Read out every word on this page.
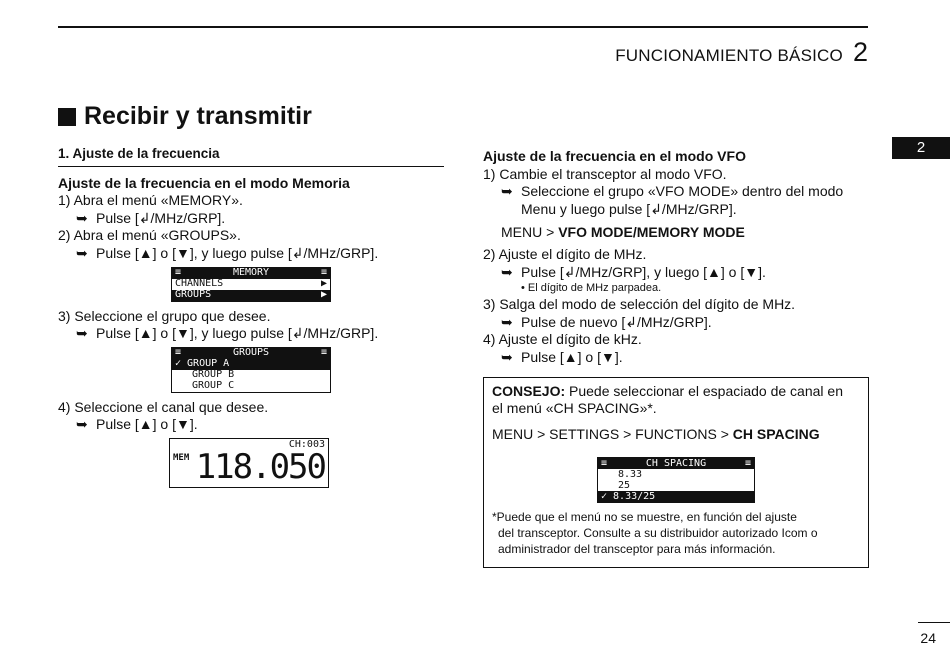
FUNCIONAMIENTO BÁSICO 2
2
Recibir y transmitir
1. Ajuste de la frecuencia
Ajuste de la frecuencia en el modo Memoria
1) Abra el menú «MEMORY».
➥ Pulse [↲/MHz/GRP].
2) Abra el menú «GROUPS».
➥ Pulse [▲] o [▼], y luego pulse [↲/MHz/GRP].
≡	MEMORY	≡
CHANNELS	▶
GROUPS	▶
3) Seleccione el grupo que desee.
➥ Pulse [▲] o [▼], y luego pulse [↲/MHz/GRP].
≡	GROUPS	≡
✓ GROUP A
GROUP B
GROUP C
4) Seleccione el canal que desee.
➥ Pulse [▲] o [▼].
CH:003
MEM 118.050
Ajuste de la frecuencia en el modo VFO
1) Cambie el transceptor al modo VFO.
➥ Seleccione el grupo «VFO MODE» dentro del modo
Menu y luego pulse [↲/MHz/GRP].
MENU > VFO MODE/MEMORY MODE
2) Ajuste el dígito de MHz.
➥ Pulse [↲/MHz/GRP], y luego [▲] o [▼].
• El dígito de MHz parpadea.
3) Salga del modo de selección del dígito de MHz.
➥ Pulse de nuevo [↲/MHz/GRP].
4) Ajuste el dígito de kHz.
➥ Pulse [▲] o [▼].
CONSEJO: Puede seleccionar el espaciado de canal en
el menú «CH SPACING»*.
MENU > SETTINGS > FUNCTIONS > CH SPACING
≡	CH SPACING	≡
8.33
25
✓ 8.33/25
*Puede que el menú no se muestre, en función del ajuste
del transceptor. Consulte a su distribuidor autorizado Icom o
administrador del transceptor para más información.
24
